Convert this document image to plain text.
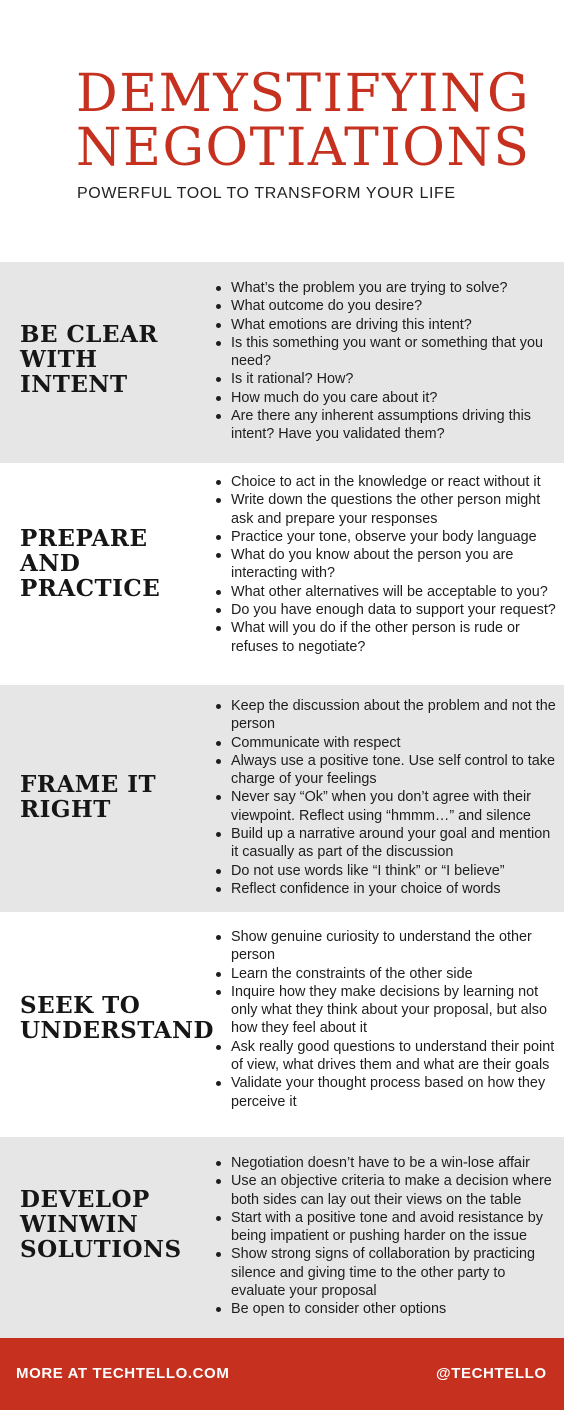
DEMYSTIFYING
NEGOTIATIONS
POWERFUL TOOL TO TRANSFORM YOUR LIFE
BE CLEAR
WITH
INTENT
What’s the problem you are trying to solve?
What outcome do you desire?
What emotions are driving this intent?
Is this something you want or something that you need?
Is it rational? How?
How much do you care about it?
Are there any inherent assumptions driving this intent? Have you validated them?
PREPARE
AND
PRACTICE
Choice to act in the knowledge or react without it
Write down the questions the other person might ask and prepare your responses
Practice your tone, observe your body language
What do you know about the person you are interacting with?
What other alternatives will be acceptable to you?
Do you have enough data to support your request?
What will you do if the other person is rude or refuses to negotiate?
FRAME IT
RIGHT
Keep the discussion about the problem and not the person
Communicate with respect
Always use a positive tone. Use self control to take charge of your feelings
Never say “Ok” when you don’t agree with their viewpoint. Reflect using “hmmm…” and silence
Build up a narrative around your goal and mention it casually as part of the discussion
Do not use words like “I think” or “I believe”
Reflect confidence in your choice of words
SEEK TO
UNDERSTAND
Show genuine curiosity to understand the other person
Learn the constraints of the other side
Inquire how they make decisions by learning not only what they think about your proposal, but also how they feel about it
Ask really good questions to understand their point of view, what drives them and what are their goals
Validate your thought process based on how they perceive it
DEVELOP
WINWIN
SOLUTIONS
Negotiation doesn’t have to be a win-lose affair
Use an objective criteria to make a decision where both sides can lay out their views on the table
Start with a positive tone and avoid resistance by being impatient or pushing harder on the issue
Show strong signs of collaboration by practicing silence and giving time to the other party to evaluate your proposal
Be open to consider other options
MORE AT TECHTELLO.COM	@TECHTELLO
